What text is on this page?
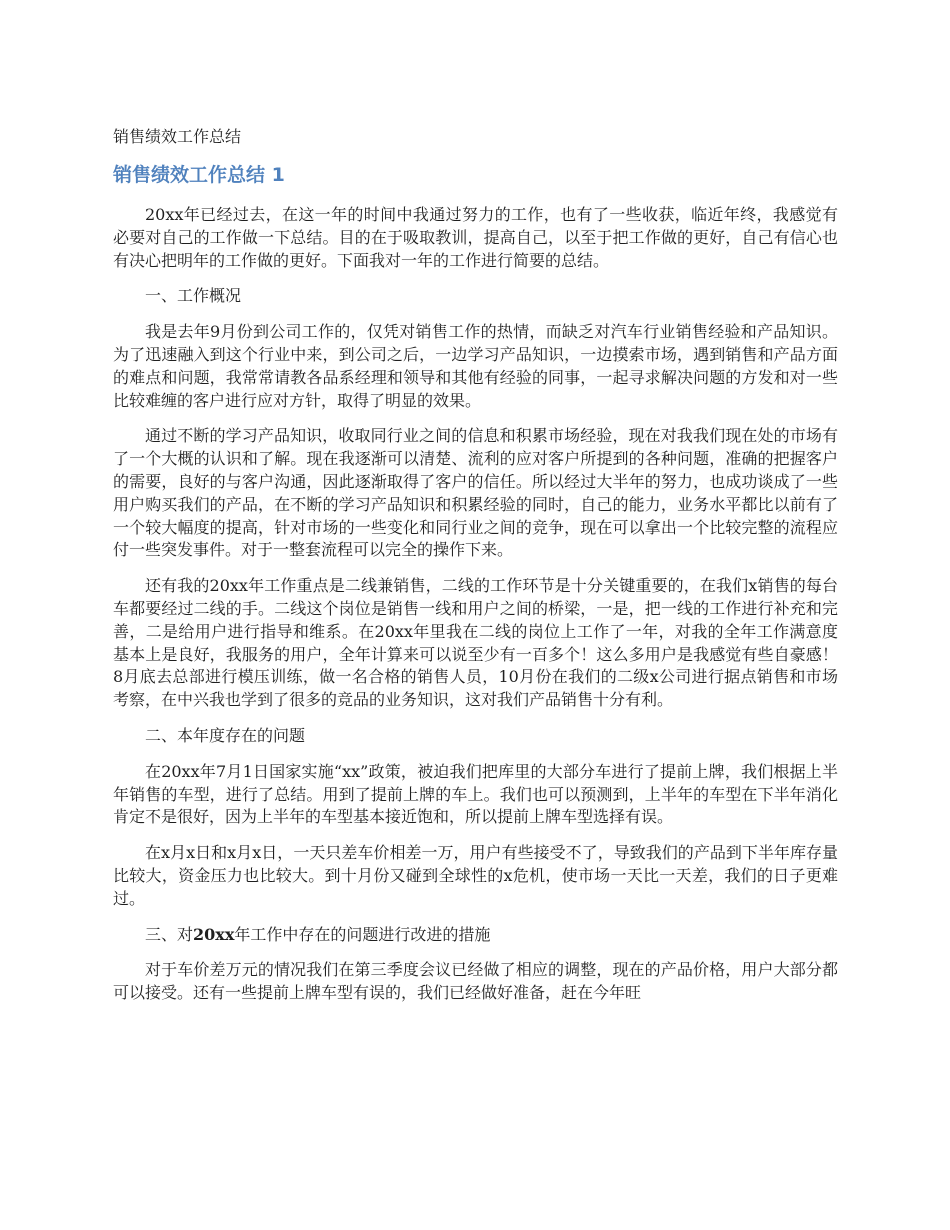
销售绩效工作总结
销售绩效工作总结 1

20xx年已经过去，在这一年的时间中我通过努力的工作，也有了一些收获，临近年终，我感觉有必要对自己的工作做一下总结。目的在于吸取教训，提高自己，以至于把工作做的更好，自己有信心也有决心把明年的工作做的更好。下面我对一年的工作进行简要的总结。

一、工作概况

我是去年9月份到公司工作的，仅凭对销售工作的热情，而缺乏对汽车行业销售经验和产品知识。为了迅速融入到这个行业中来，到公司之后，一边学习产品知识，一边摸索市场，遇到销售和产品方面的难点和问题，我常常请教各品系经理和领导和其他有经验的同事，一起寻求解决问题的方发和对一些比较难缠的客户进行应对方针，取得了明显的效果。

通过不断的学习产品知识，收取同行业之间的信息和积累市场经验，现在对我我们现在处的市场有了一个大概的认识和了解。现在我逐渐可以清楚、流利的应对客户所提到的各种问题，准确的把握客户的需要，良好的与客户沟通，因此逐渐取得了客户的信任。所以经过大半年的努力，也成功谈成了一些用户购买我们的产品，在不断的学习产品知识和积累经验的同时，自己的能力，业务水平都比以前有了一个较大幅度的提高，针对市场的一些变化和同行业之间的竞争，现在可以拿出一个比较完整的流程应付一些突发事件。对于一整套流程可以完全的操作下来。

还有我的20xx年工作重点是二线兼销售，二线的工作环节是十分关键重要的，在我们x销售的每台车都要经过二线的手。二线这个岗位是销售一线和用户之间的桥梁，一是，把一线的工作进行补充和完善，二是给用户进行指导和维系。在20xx年里我在二线的岗位上工作了一年，对我的全年工作满意度基本上是良好，我服务的用户，全年计算来可以说至少有一百多个！这么多用户是我感觉有些自豪感！8月底去总部进行模压训练，做一名合格的销售人员，10月份在我们的二级x公司进行据点销售和市场考察，在中兴我也学到了很多的竞品的业务知识，这对我们产品销售十分有利。

二、本年度存在的问题

在20xx年7月1日国家实施“xx”政策，被迫我们把库里的大部分车进行了提前上牌，我们根据上半年销售的车型，进行了总结。用到了提前上牌的车上。我们也可以预测到，上半年的车型在下半年消化肯定不是很好，因为上半年的车型基本接近饱和，所以提前上牌车型选择有误。

在x月x日和x月x日，一天只差车价相差一万，用户有些接受不了，导致我们的产品到下半年库存量比较大，资金压力也比较大。到十月份又碰到全球性的x危机，使市场一天比一天差，我们的日子更难过。

三、对20xx年工作中存在的问题进行改进的措施

对于车价差万元的情况我们在第三季度会议已经做了相应的调整，现在的产品价格，用户大部分都可以接受。还有一些提前上牌车型有误的，我们已经做好准备，赶在今年旺
